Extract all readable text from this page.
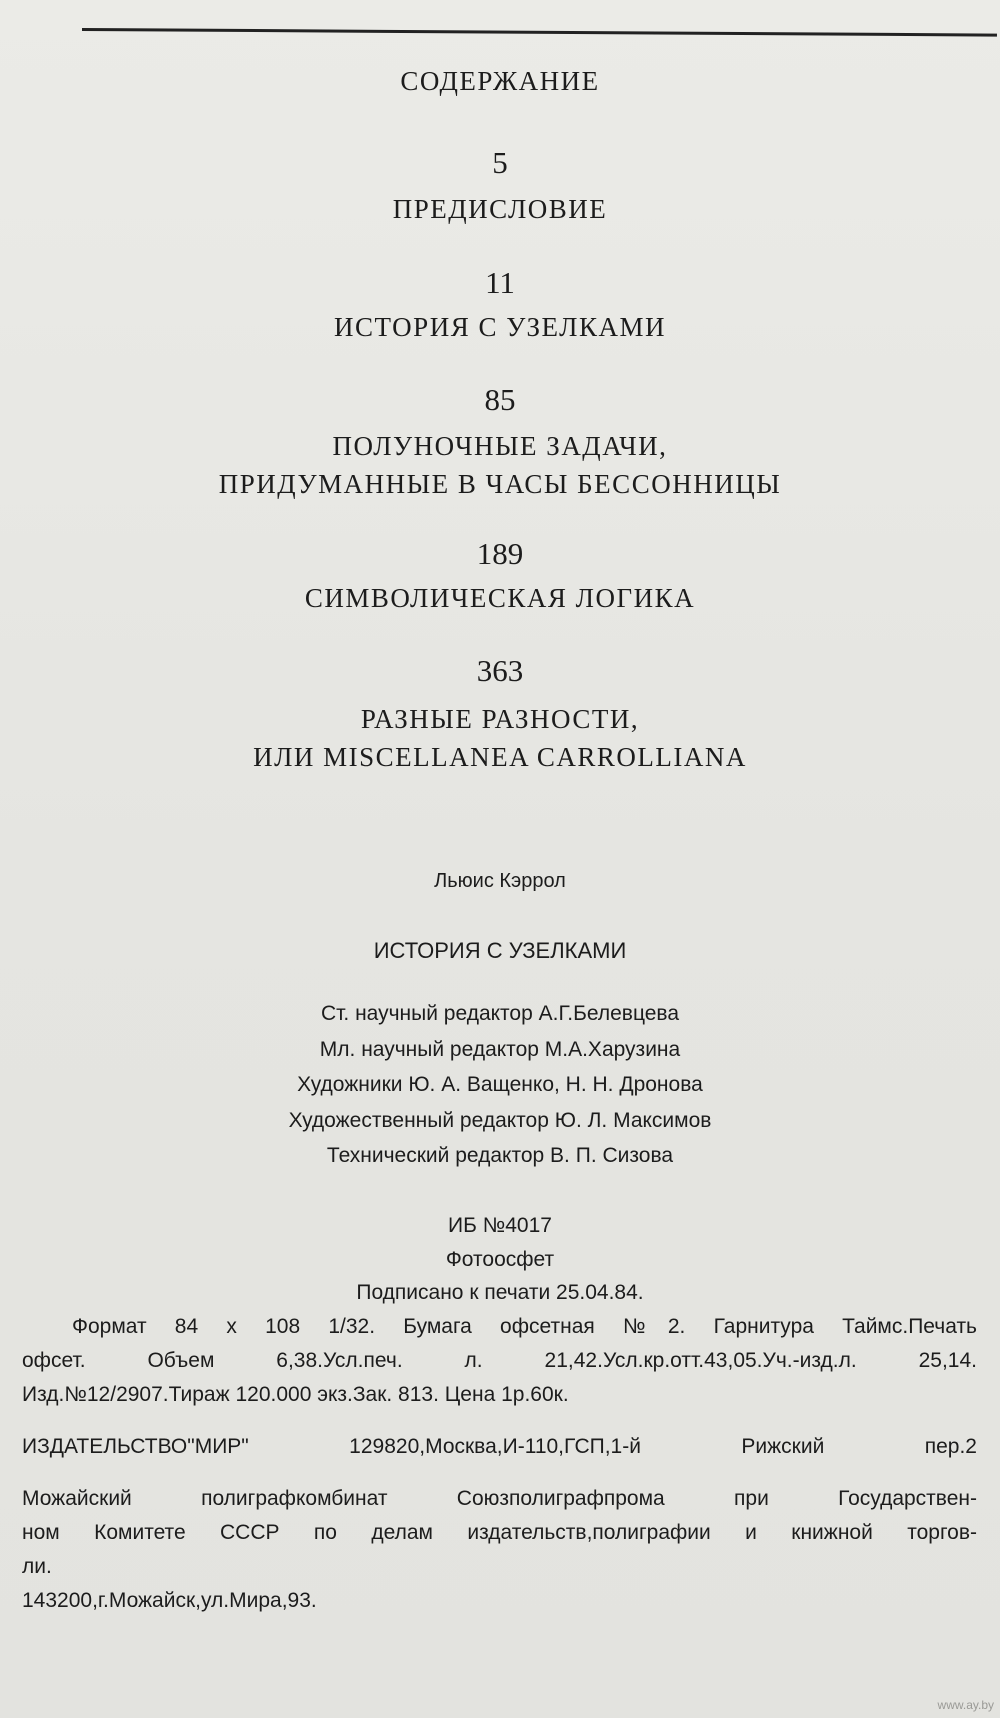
СОДЕРЖАНИЕ
5
ПРЕДИСЛОВИЕ
11
ИСТОРИЯ С УЗЕЛКАМИ
85
ПОЛУНОЧНЫЕ ЗАДАЧИ,
ПРИДУМАННЫЕ В ЧАСЫ БЕССОННИЦЫ
189
СИМВОЛИЧЕСКАЯ ЛОГИКА
363
РАЗНЫЕ РАЗНОСТИ,
ИЛИ MISCELLANEA CARROLLIANA
Льюис Кэррол
ИСТОРИЯ С УЗЕЛКАМИ
Ст. научный редактор А.Г.Белевцева
Мл. научный редактор М.А.Харузина
Художники Ю. А. Ващенко, Н. Н. Дронова
Художественный редактор Ю. Л. Максимов
Технический редактор В. П. Сизова
ИБ №4017
Фотоосфет
Подписано к печати 25.04.84.
Формат 84 x 108 1/32. Бумага офсетная №2. Гарнитура Таймс.Печать
офсет. Объем 6,38.Усл.печ. л. 21,42.Усл.кр.отт.43,05.Уч.-изд.л. 25,14.
Изд.№12/2907.Тираж 120.000 экз.Зак. 813. Цена 1р.60к.
ИЗДАТЕЛЬСТВО"МИР" 129820,Москва,И-110,ГСП,1-й Рижский пер.2
Можайский полиграфкомбинат Союзполиграфпрома при Государствен-
ном Комитете СССР по делам издательств,полиграфии и книжной торгов-
ли.
143200,г.Можайск,ул.Мира,93.
www.ay.by
